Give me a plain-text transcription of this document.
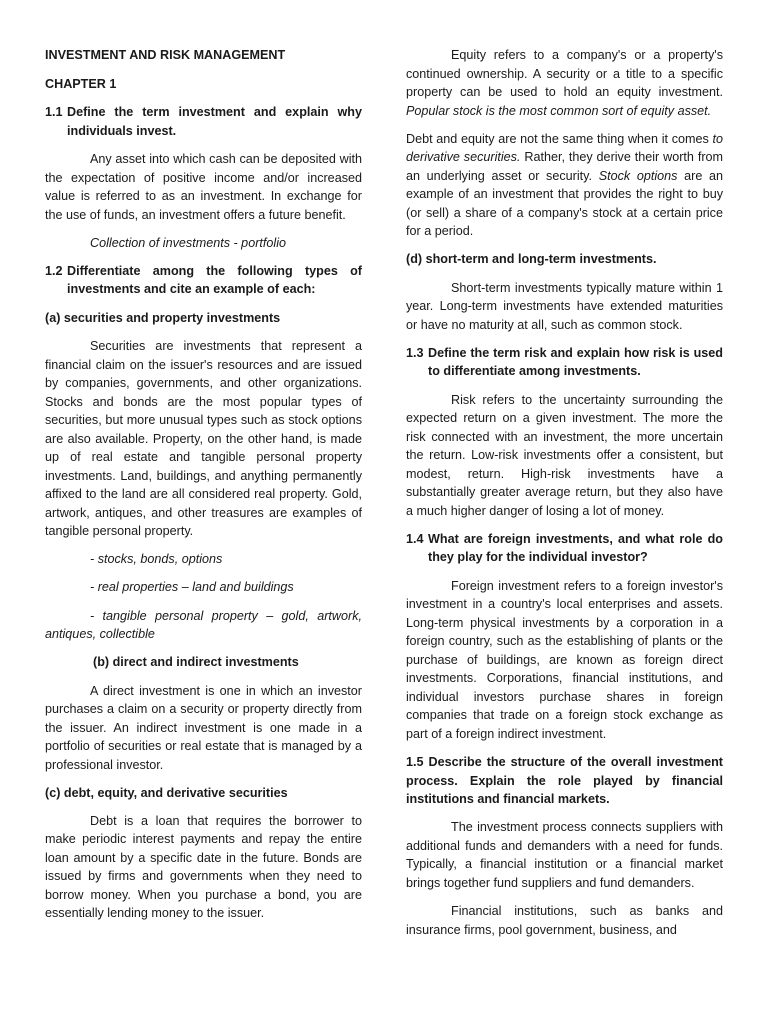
INVESTMENT AND RISK MANAGEMENT

CHAPTER 1

1.1 Define the term investment and explain why individuals invest.

Any asset into which cash can be deposited with the expectation of positive income and/or increased value is referred to as an investment. In exchange for the use of funds, an investment offers a future benefit.

Collection of investments - portfolio

1.2 Differentiate among the following types of investments and cite an example of each:

(a) securities and property investments

Securities are investments that represent a financial claim on the issuer's resources and are issued by companies, governments, and other organizations. Stocks and bonds are the most popular types of securities, but more unusual types such as stock options are also available. Property, on the other hand, is made up of real estate and tangible personal property investments. Land, buildings, and anything permanently affixed to the land are all considered real property. Gold, artwork, antiques, and other treasures are examples of tangible personal property.

- stocks, bonds, options

- real properties – land and buildings

- tangible personal property – gold, artwork, antiques, collectible

(b) direct and indirect investments

A direct investment is one in which an investor purchases a claim on a security or property directly from the issuer. An indirect investment is one made in a portfolio of securities or real estate that is managed by a professional investor.

(c) debt, equity, and derivative securities

Debt is a loan that requires the borrower to make periodic interest payments and repay the entire loan amount by a specific date in the future. Bonds are issued by firms and governments when they need to borrow money. When you purchase a bond, you are essentially lending money to the issuer.

Equity refers to a company's or a property's continued ownership. A security or a title to a specific property can be used to hold an equity investment. Popular stock is the most common sort of equity asset.

Debt and equity are not the same thing when it comes to derivative securities. Rather, they derive their worth from an underlying asset or security. Stock options are an example of an investment that provides the right to buy (or sell) a share of a company's stock at a certain price for a period.

(d) short-term and long-term investments.

Short-term investments typically mature within 1 year. Long-term investments have extended maturities or have no maturity at all, such as common stock.

1.3 Define the term risk and explain how risk is used to differentiate among investments.

Risk refers to the uncertainty surrounding the expected return on a given investment. The more the risk connected with an investment, the more uncertain the return. Low-risk investments offer a consistent, but modest, return. High-risk investments have a substantially greater average return, but they also have a much higher danger of losing a lot of money.

1.4 What are foreign investments, and what role do they play for the individual investor?

Foreign investment refers to a foreign investor's investment in a country's local enterprises and assets. Long-term physical investments by a corporation in a foreign country, such as the establishing of plants or the purchase of buildings, are known as foreign direct investments. Corporations, financial institutions, and individual investors purchase shares in foreign companies that trade on a foreign stock exchange as part of a foreign indirect investment.

1.5 Describe the structure of the overall investment process. Explain the role played by financial institutions and financial markets.

The investment process connects suppliers with additional funds and demanders with a need for funds. Typically, a financial institution or a financial market brings together fund suppliers and fund demanders.

Financial institutions, such as banks and insurance firms, pool government, business, and
